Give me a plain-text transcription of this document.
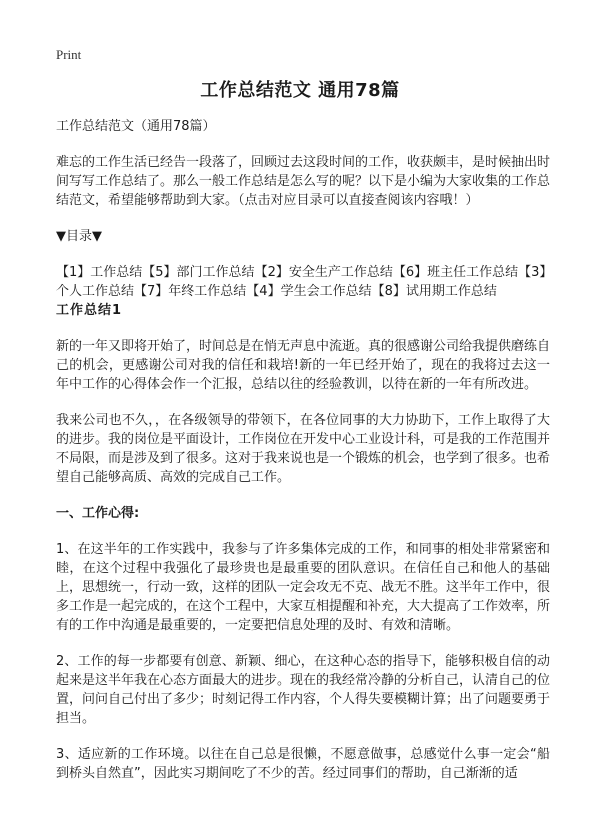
Print
工作总结范文 通用78篇

工作总结范文（通用78篇）

难忘的工作生活已经告一段落了，回顾过去这段时间的工作，收获颇丰，是时候抽出时间写写工作总结了。那么一般工作总结是怎么写的呢？以下是小编为大家收集的工作总结范文，希望能够帮助到大家。（点击对应目录可以直接查阅该内容哦！）

▼目录▼

【1】工作总结【5】部门工作总结【2】安全生产工作总结【6】班主任工作总结【3】个人工作总结【7】年终工作总结【4】学生会工作总结【8】试用期工作总结

工作总结1

新的一年又即将开始了，时间总是在悄无声息中流逝。真的很感谢公司给我提供磨练自己的机会，更感谢公司对我的信任和栽培!新的一年已经开始了，现在的我将过去这一年中工作的心得体会作一个汇报，总结以往的经验教训，以待在新的一年有所改进。

我来公司也不久，，在各级领导的带领下，在各位同事的大力协助下，工作上取得了大的进步。我的岗位是平面设计，工作岗位在开发中心工业设计科，可是我的工作范围并不局限，而是涉及到了很多。这对于我来说也是一个锻炼的机会，也学到了很多。也希望自己能够高质、高效的完成自己工作。

一、工作心得:

1、在这半年的工作实践中，我参与了许多集体完成的工作，和同事的相处非常紧密和睦，在这个过程中我强化了最珍贵也是最重要的团队意识。在信任自己和他人的基础上，思想统一，行动一致，这样的团队一定会攻无不克、战无不胜。这半年工作中，很多工作是一起完成的，在这个工程中，大家互相提醒和补充，大大提高了工作效率，所有的工作中沟通是最重要的，一定要把信息处理的及时、有效和清晰。

2、工作的每一步都要有创意、新颖、细心，在这种心态的指导下，能够积极自信的动起来是这半年我在心态方面最大的进步。现在的我经常冷静的分析自己，认清自己的位置，问问自己付出了多少；时刻记得工作内容，个人得失要模糊计算；出了问题要勇于担当。

3、适应新的工作环境。以往在自己总是很懒，不愿意做事，总感觉什么事一定会“船到桥头自然直”，因此实习期间吃了不少的苦。经过同事们的帮助，自己渐渐的适
